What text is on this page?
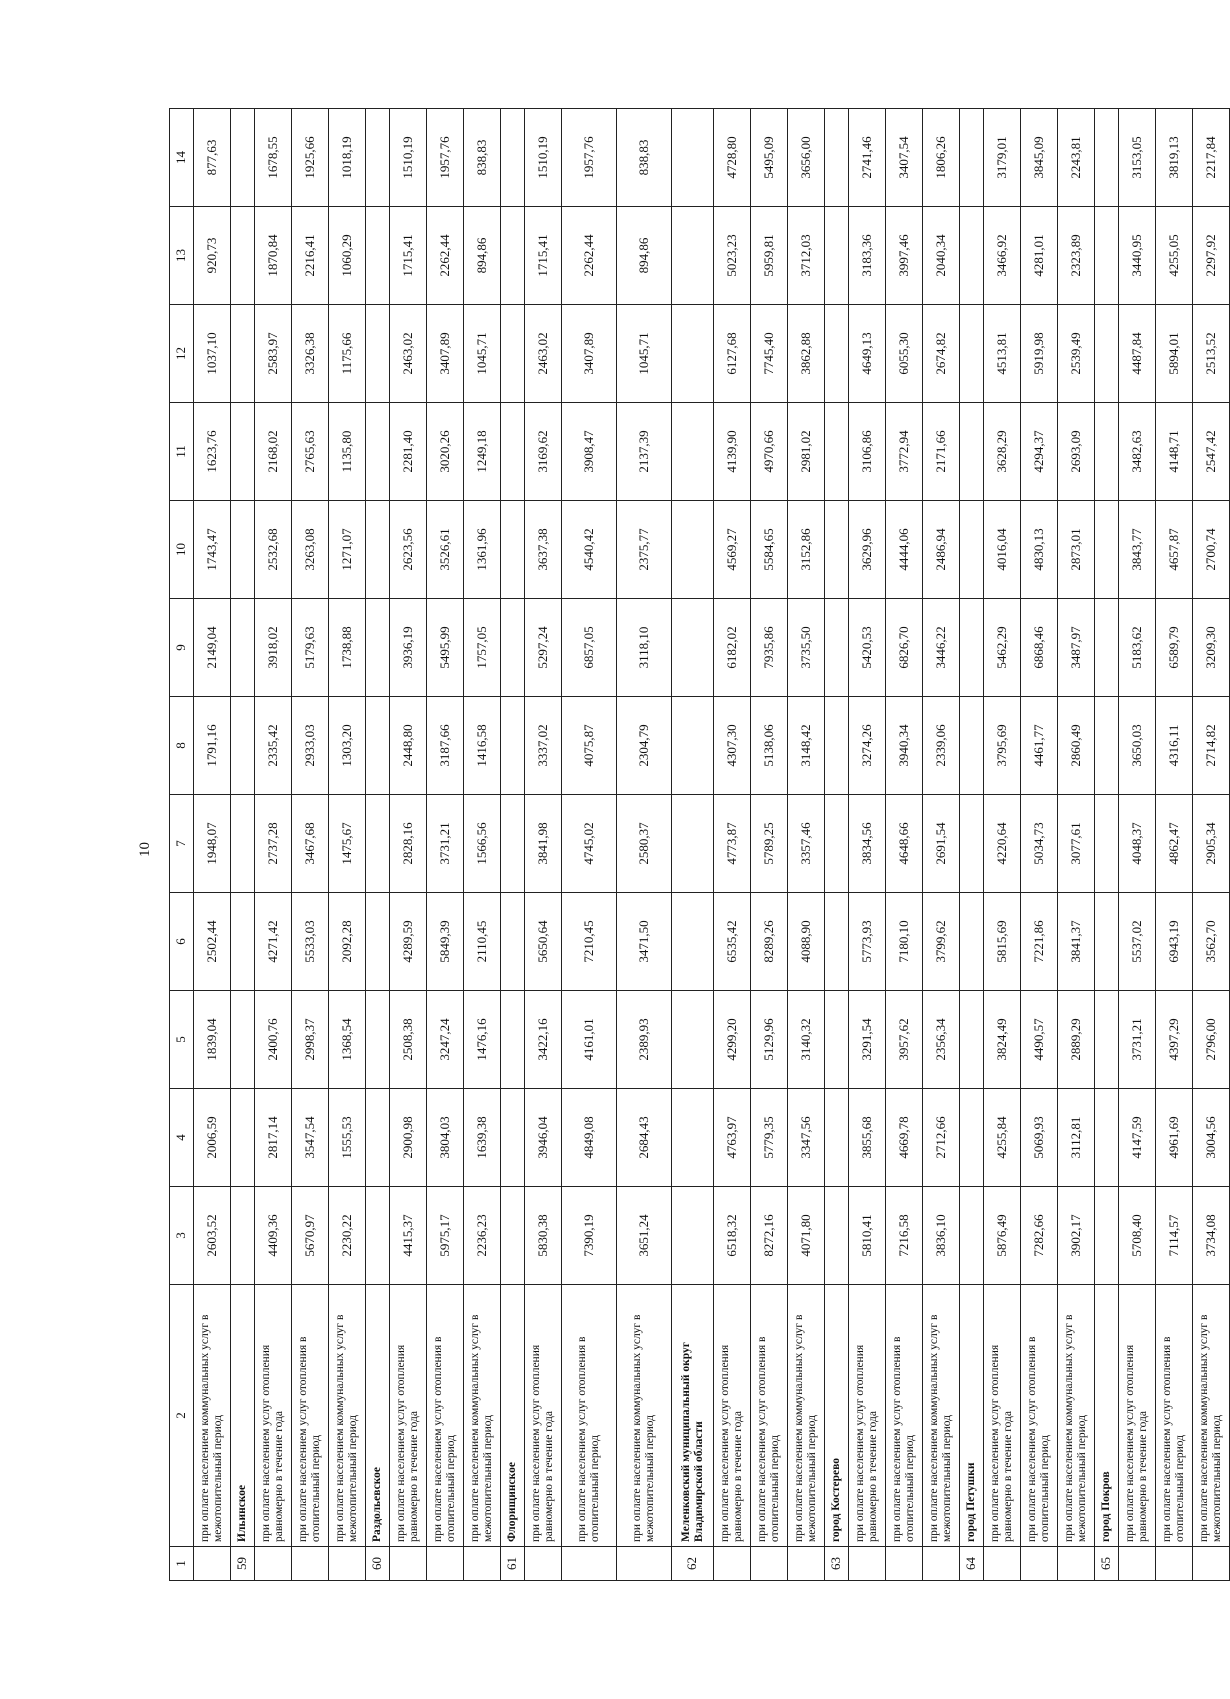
10
1	2	3	4	5	6	7	8	9	10	11	12	13	14
	при оплате населением коммунальных услуг в межотопительный период	2603,52	2006,59	1839,04	2502,44	1948,07	1791,16	2149,04	1743,47	1623,76	1037,10	920,73	877,63
59	Ильинское												
	при оплате населением услуг отопления равномерно в течение года	4409,36	2817,14	2400,76	4271,42	2737,28	2335,42	3918,02	2532,68	2168,02	2583,97	1870,84	1678,55
	при оплате населением услуг отопления в отопительный период	5670,97	3547,54	2998,37	5533,03	3467,68	2933,03	5179,63	3263,08	2765,63	3326,38	2216,41	1925,66
	при оплате населением коммунальных услуг в межотопительный период	2230,22	1555,53	1368,54	2092,28	1475,67	1303,20	1738,88	1271,07	1135,80	1175,66	1060,29	1018,19
60	Раздольевское												
	при оплате населением услуг отопления равномерно в течение года	4415,37	2900,98	2508,38	4289,59	2828,16	2448,80	3936,19	2623,56	2281,40	2463,02	1715,41	1510,19
	при оплате населением услуг отопления в отопительный период	5975,17	3804,03	3247,24	5849,39	3731,21	3187,66	5495,99	3526,61	3020,26	3407,89	2262,44	1957,76
	при оплате населением коммунальных услуг в межотопительный период	2236,23	1639,38	1476,16	2110,45	1566,56	1416,58	1757,05	1361,96	1249,18	1045,71	894,86	838,83
61	Флорищинское												
	при оплате населением услуг отопления равномерно в течение года	5830,38	3946,04	3422,16	5650,64	3841,98	3337,02	5297,24	3637,38	3169,62	2463,02	1715,41	1510,19
	при оплате населением услуг отопления в отопительный период	7390,19	4849,08	4161,01	7210,45	4745,02	4075,87	6857,05	4540,42	3908,47	3407,89	2262,44	1957,76
	при оплате населением коммунальных услуг в межотопительный период	3651,24	2684,43	2389,93	3471,50	2580,37	2304,79	3118,10	2375,77	2137,39	1045,71	894,86	838,83
62	Меленковский муниципальный округ Владимирской области												
	при оплате населением услуг отопления равномерно в течение года	6518,32	4763,97	4299,20	6535,42	4773,87	4307,30	6182,02	4569,27	4139,90	6127,68	5023,23	4728,80
	при оплате населением услуг отопления в отопительный период	8272,16	5779,35	5129,96	8289,26	5789,25	5138,06	7935,86	5584,65	4970,66	7745,40	5959,81	5495,09
	при оплате населением коммунальных услуг в межотопительный период	4071,80	3347,56	3140,32	4088,90	3357,46	3148,42	3735,50	3152,86	2981,02	3862,88	3712,03	3656,00
63	город Костерево												
	при оплате населением услуг отопления равномерно в течение года	5810,41	3855,68	3291,54	5773,93	3834,56	3274,26	5420,53	3629,96	3106,86	4649,13	3183,36	2741,46
	при оплате населением услуг отопления в отопительный период	7216,58	4669,78	3957,62	7180,10	4648,66	3940,34	6826,70	4444,06	3772,94	6055,30	3997,46	3407,54
	при оплате населением коммунальных услуг в межотопительный период	3836,10	2712,66	2356,34	3799,62	2691,54	2339,06	3446,22	2486,94	2171,66	2674,82	2040,34	1806,26
64	город Петушки												
	при оплате населением услуг отопления равномерно в течение года	5876,49	4255,84	3824,49	5815,69	4220,64	3795,69	5462,29	4016,04	3628,29	4513,81	3466,92	3179,01
	при оплате населением услуг отопления в отопительный период	7282,66	5069,93	4490,57	7221,86	5034,73	4461,77	6868,46	4830,13	4294,37	5919,98	4281,01	3845,09
	при оплате населением коммунальных услуг в межотопительный период	3902,17	3112,81	2889,29	3841,37	3077,61	2860,49	3487,97	2873,01	2693,09	2539,49	2323,89	2243,81
65	город Покров												
	при оплате населением услуг отопления равномерно в течение года	5708,40	4147,59	3731,21	5537,02	4048,37	3650,03	5183,62	3843,77	3482,63	4487,84	3440,95	3153,05
	при оплате населением услуг отопления в отопительный период	7114,57	4961,69	4397,29	6943,19	4862,47	4316,11	6589,79	4657,87	4148,71	5894,01	4255,05	3819,13
	при оплате населением коммунальных услуг в межотопительный период	3734,08	3004,56	2796,00	3562,70	2905,34	2714,82	3209,30	2700,74	2547,42	2513,52	2297,92	2217,84
